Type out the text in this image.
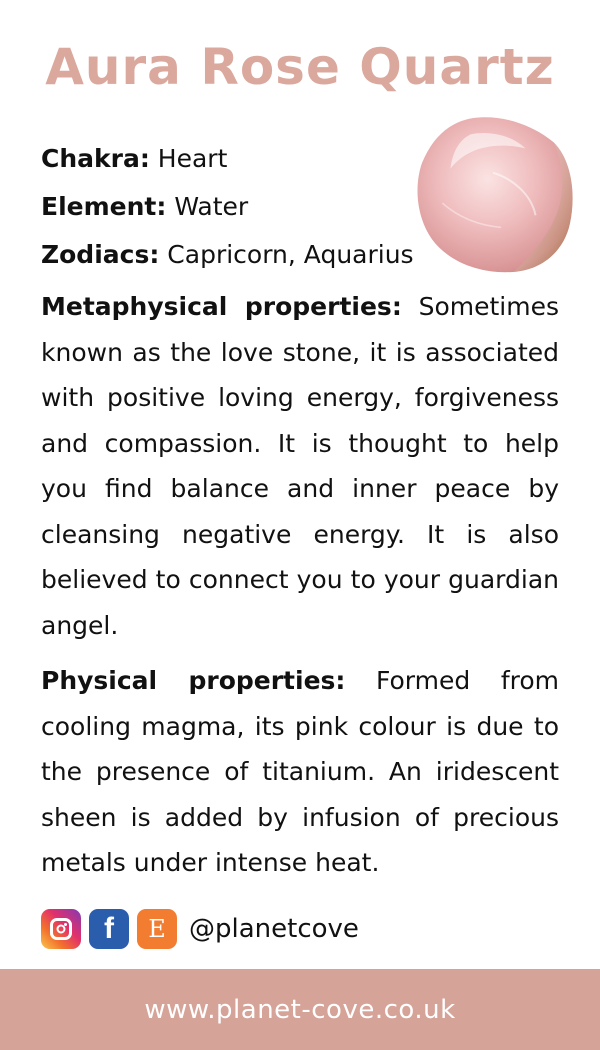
Aura Rose Quartz
Chakra: Heart
Element: Water
Zodiacs: Capricorn, Aquarius

Metaphysical properties: Sometimes known as the love stone, it is associated with positive loving energy, forgiveness and compassion. It is thought to help you find balance and inner peace by cleansing negative energy. It is also believed to connect you to your guardian angel.

Physical properties: Formed from cooling magma, its pink colour is due to the presence of titanium. An iridescent sheen is added by infusion of precious metals under intense heat.

f	E @planetcove
www.planet-cove.co.uk
